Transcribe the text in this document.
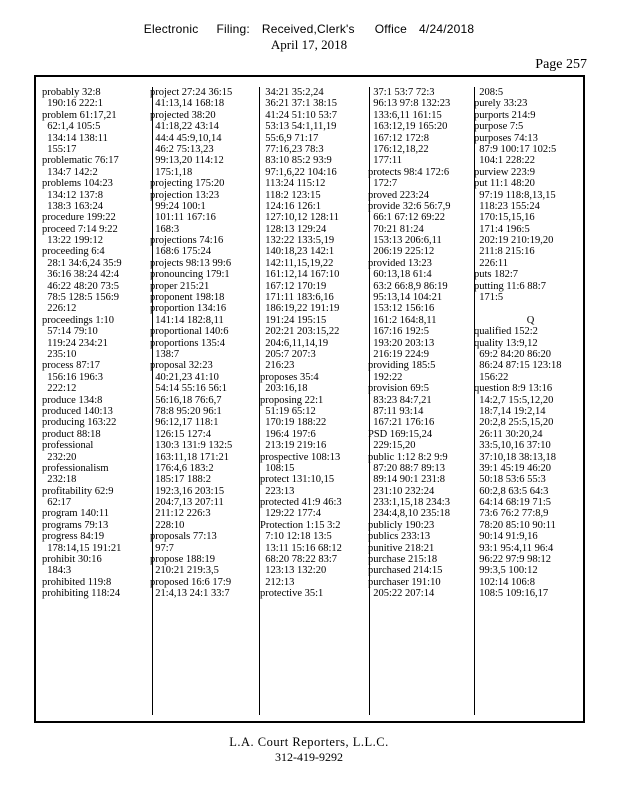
Electronic Filing: Received,Clerk's Office 4/24/2018
April 17, 2018
Page 257
probably 32:8
190:16 222:1
problem 61:17,21
62:1,4 105:5
134:14 138:11
155:17
problematic 76:17
134:7 142:2
problems 104:23
134:12 137:8
138:3 163:24
procedure 199:22
proceed 7:14 9:22
13:22 199:12
proceeding 6:4
28:1 34:6,24 35:9
36:16 38:24 42:4
46:22 48:20 73:5
78:5 128:5 156:9
226:12
proceedings 1:10
57:14 79:10
119:24 234:21
235:10
process 87:17
156:16 196:3
222:12
produce 134:8
produced 140:13
producing 163:22
product 88:18
professional
232:20
professionalism
232:18
profitability 62:9
62:17
program 140:11
programs 79:13
progress 84:19
178:14,15 191:21
prohibit 30:16
184:3
prohibited 119:8
prohibiting 118:24
project 27:24 36:15
41:13,14 168:18
projected 38:20
41:18,22 43:14
44:4 45:9,10,14
46:2 75:13,23
99:13,20 114:12
175:1,18
projecting 175:20
projection 13:23
99:24 100:1
101:11 167:16
168:3
projections 74:16
168:6 175:24
projects 98:13 99:6
pronouncing 179:1
proper 215:21
proponent 198:18
proportion 134:16
141:14 182:8,11
proportional 140:6
proportions 135:4
138:7
proposal 32:23
40:21,23 41:10
54:14 55:16 56:1
56:16,18 76:6,7
78:8 95:20 96:1
96:12,17 118:1
126:15 127:4
130:3 131:9 132:5
163:11,18 171:21
176:4,6 183:2
185:17 188:2
192:3,16 203:15
204:7,13 207:11
211:12 226:3
228:10
proposals 77:13
97:7
propose 188:19
210:21 219:3,5
proposed 16:6 17:9
21:4,13 24:1 33:7
34:21 35:2,24
36:21 37:1 38:15
41:24 51:10 53:7
53:13 54:1,11,19
55:6,9 71:17
77:16,23 78:3
83:10 85:2 93:9
97:1,6,22 104:16
113:24 115:12
118:2 123:15
124:16 126:1
127:10,12 128:11
128:13 129:24
132:22 133:5,19
140:18,23 142:1
142:11,15,19,22
161:12,14 167:10
167:12 170:19
171:11 183:6,16
186:19,22 191:19
191:24 195:15
202:21 203:15,22
204:6,11,14,19
205:7 207:3
216:23
proposes 35:4
203:16,18
proposing 22:1
51:19 65:12
170:19 188:22
196:4 197:6
213:19 219:16
prospective 108:13
108:15
protect 131:10,15
223:13
protected 41:9 46:3
129:22 177:4
Protection 1:15 3:2
7:10 12:18 13:5
13:11 15:16 68:12
68:20 78:22 83:7
123:13 132:20
212:13
protective 35:1
37:1 53:7 72:3
96:13 97:8 132:23
133:6,11 161:15
163:12,19 165:20
167:12 172:8
176:12,18,22
177:11
protects 98:4 172:6
172:7
proved 223:24
provide 32:6 56:7,9
66:1 67:12 69:22
70:21 81:24
153:13 206:6,11
206:19 225:12
provided 13:23
60:13,18 61:4
63:2 66:8,9 86:19
95:13,14 104:21
153:12 156:16
161:2 164:8,11
167:16 192:5
193:20 203:13
216:19 224:9
providing 185:5
192:22
provision 69:5
83:23 84:7,21
87:11 93:14
167:21 176:16
PSD 169:15,24
229:15,20
public 1:12 8:2 9:9
87:20 88:7 89:13
89:14 90:1 231:8
231:10 232:24
233:1,15,18 234:3
234:4,8,10 235:18
publicly 190:23
publics 233:13
punitive 218:21
purchase 215:18
purchased 214:15
purchaser 191:10
205:22 207:14
208:5
purely 33:23
purports 214:9
purpose 7:5
purposes 74:13
87:9 100:17 102:5
104:1 228:22
purview 223:9
put 11:1 48:20
97:19 118:8,13,15
118:23 155:24
170:15,15,16
171:4 196:5
202:19 210:19,20
211:8 215:16
226:11
puts 182:7
putting 11:6 88:7
171:5
Q
qualified 152:2
quality 13:9,12
69:2 84:20 86:20
86:24 87:15 123:18
156:22
question 8:9 13:16
14:2,7 15:5,12,20
18:7,14 19:2,14
20:2,8 25:5,15,20
26:11 30:20,24
33:5,10,16 37:10
37:10,18 38:13,18
39:1 45:19 46:20
50:18 53:6 55:3
60:2,8 63:5 64:3
64:14 68:19 71:5
73:6 76:2 77:8,9
78:20 85:10 90:11
90:14 91:9,16
93:1 95:4,11 96:4
96:22 97:9 98:12
99:3,5 100:12
102:14 106:8
108:5 109:16,17
L.A. Court Reporters, L.L.C.
312-419-9292
